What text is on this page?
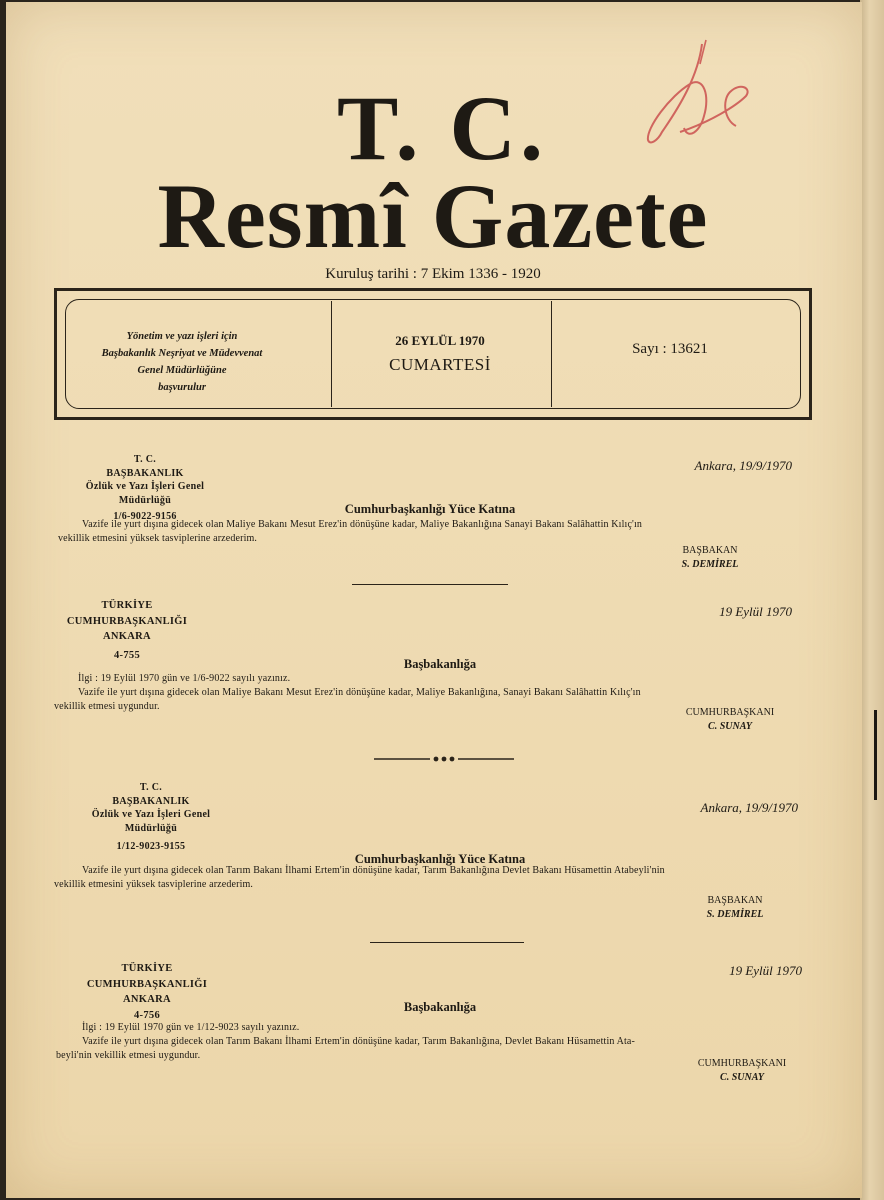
T. C.
Resmî Gazete
Kuruluş tarihi : 7 Ekim 1336 - 1920
Yönetim ve yazı işleri için
Başbakanlık Neşriyat ve Müdevvenat
Genel Müdürlüğüne
başvurulur
26 EYLÜL 1970
CUMARTESİ
Sayı : 13621
T. C.
BAŞBAKANLIK
Özlük ve Yazı İşleri Genel
Müdürlüğü
1/6-9022-9156
Ankara, 19/9/1970
Cumhurbaşkanlığı Yüce Katına
Vazife ile yurt dışına gidecek olan Maliye Bakanı Mesut Erez'in dönüşüne kadar, Maliye Bakanlığına Sanayi Bakanı Salâhattin Kılıç'ın
vekillik etmesini yüksek tasviplerine arzederim.
BAŞBAKAN
S. DEMİREL
TÜRKİYE
CUMHURBAŞKANLIĞI
ANKARA
4-755
19 Eylül 1970
Başbakanlığa
İlgi : 19 Eylül 1970 gün ve 1/6-9022 sayılı yazınız.
Vazife ile yurt dışına gidecek olan Maliye Bakanı Mesut Erez'in dönüşüne kadar, Maliye Bakanlığına, Sanayi Bakanı Salâhattin Kılıç'ın
vekillik etmesi uygundur.
CUMHURBAŞKANI
C. SUNAY
T. C.
BAŞBAKANLIK
Özlük ve Yazı İşleri Genel
Müdürlüğü
1/12-9023-9155
Ankara, 19/9/1970
Cumhurbaşkanlığı Yüce Katına
Vazife ile yurt dışına gidecek olan Tarım Bakanı İlhami Ertem'in dönüşüne kadar, Tarım Bakanlığına Devlet Bakanı Hüsamettin Atabeyli'nin
vekillik etmesini yüksek tasviplerine arzederim.
BAŞBAKAN
S. DEMİREL
TÜRKİYE
CUMHURBAŞKANLIĞI
ANKARA
4-756
19 Eylül 1970
Başbakanlığa
İlgi : 19 Eylül 1970 gün ve 1/12-9023 sayılı yazınız.
Vazife ile yurt dışına gidecek olan Tarım Bakanı İlhami Ertem'in dönüşüne kadar, Tarım Bakanlığına, Devlet Bakanı Hüsamettin Ata-
beyli'nin vekillik etmesi uygundur.
CUMHURBAŞKANI
C. SUNAY
